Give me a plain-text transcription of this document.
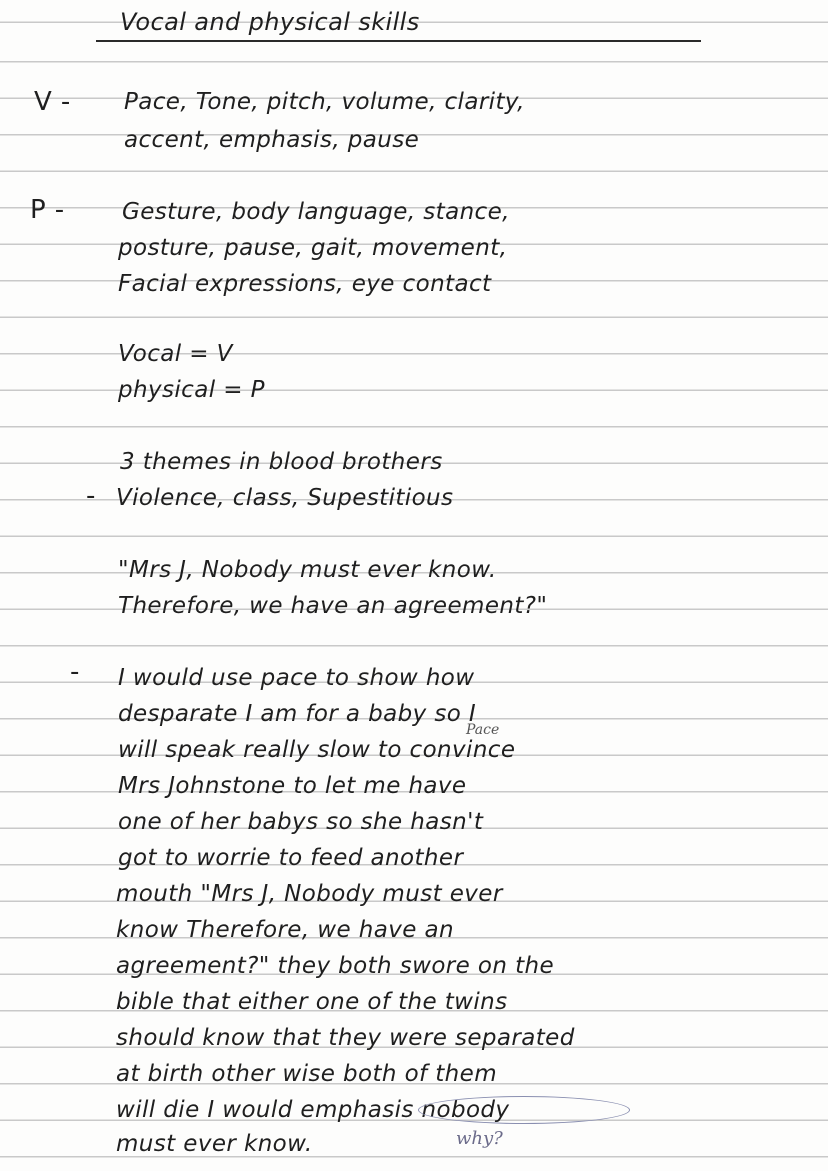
Vocal and physical skills
V - Pace, Tone, pitch, volume, clarity,
accent, emphasis, pause
P - Gesture, body language, stance,
posture, pause, gait, movement,
Facial expressions, eye contact
Vocal = V
physical = P
3 themes in blood brothers
- Violence, class, Supestitious
"Mrs J, Nobody must ever know.
Therefore, we have an agreement?"
- I would use pace to show how
desparate I am for a baby so I
will speak really slow to convince
Mrs Johnstone to let me have
one of her babys so she hasn't
got to worrie to feed another
mouth "Mrs J, Nobody must ever
know Therefore, we have an
agreement?" they both swore on the
bible that either one of the twins
should know that they were separated
at birth other wise both of them
will die I would emphasis nobody
must ever know.
Pace
why?
